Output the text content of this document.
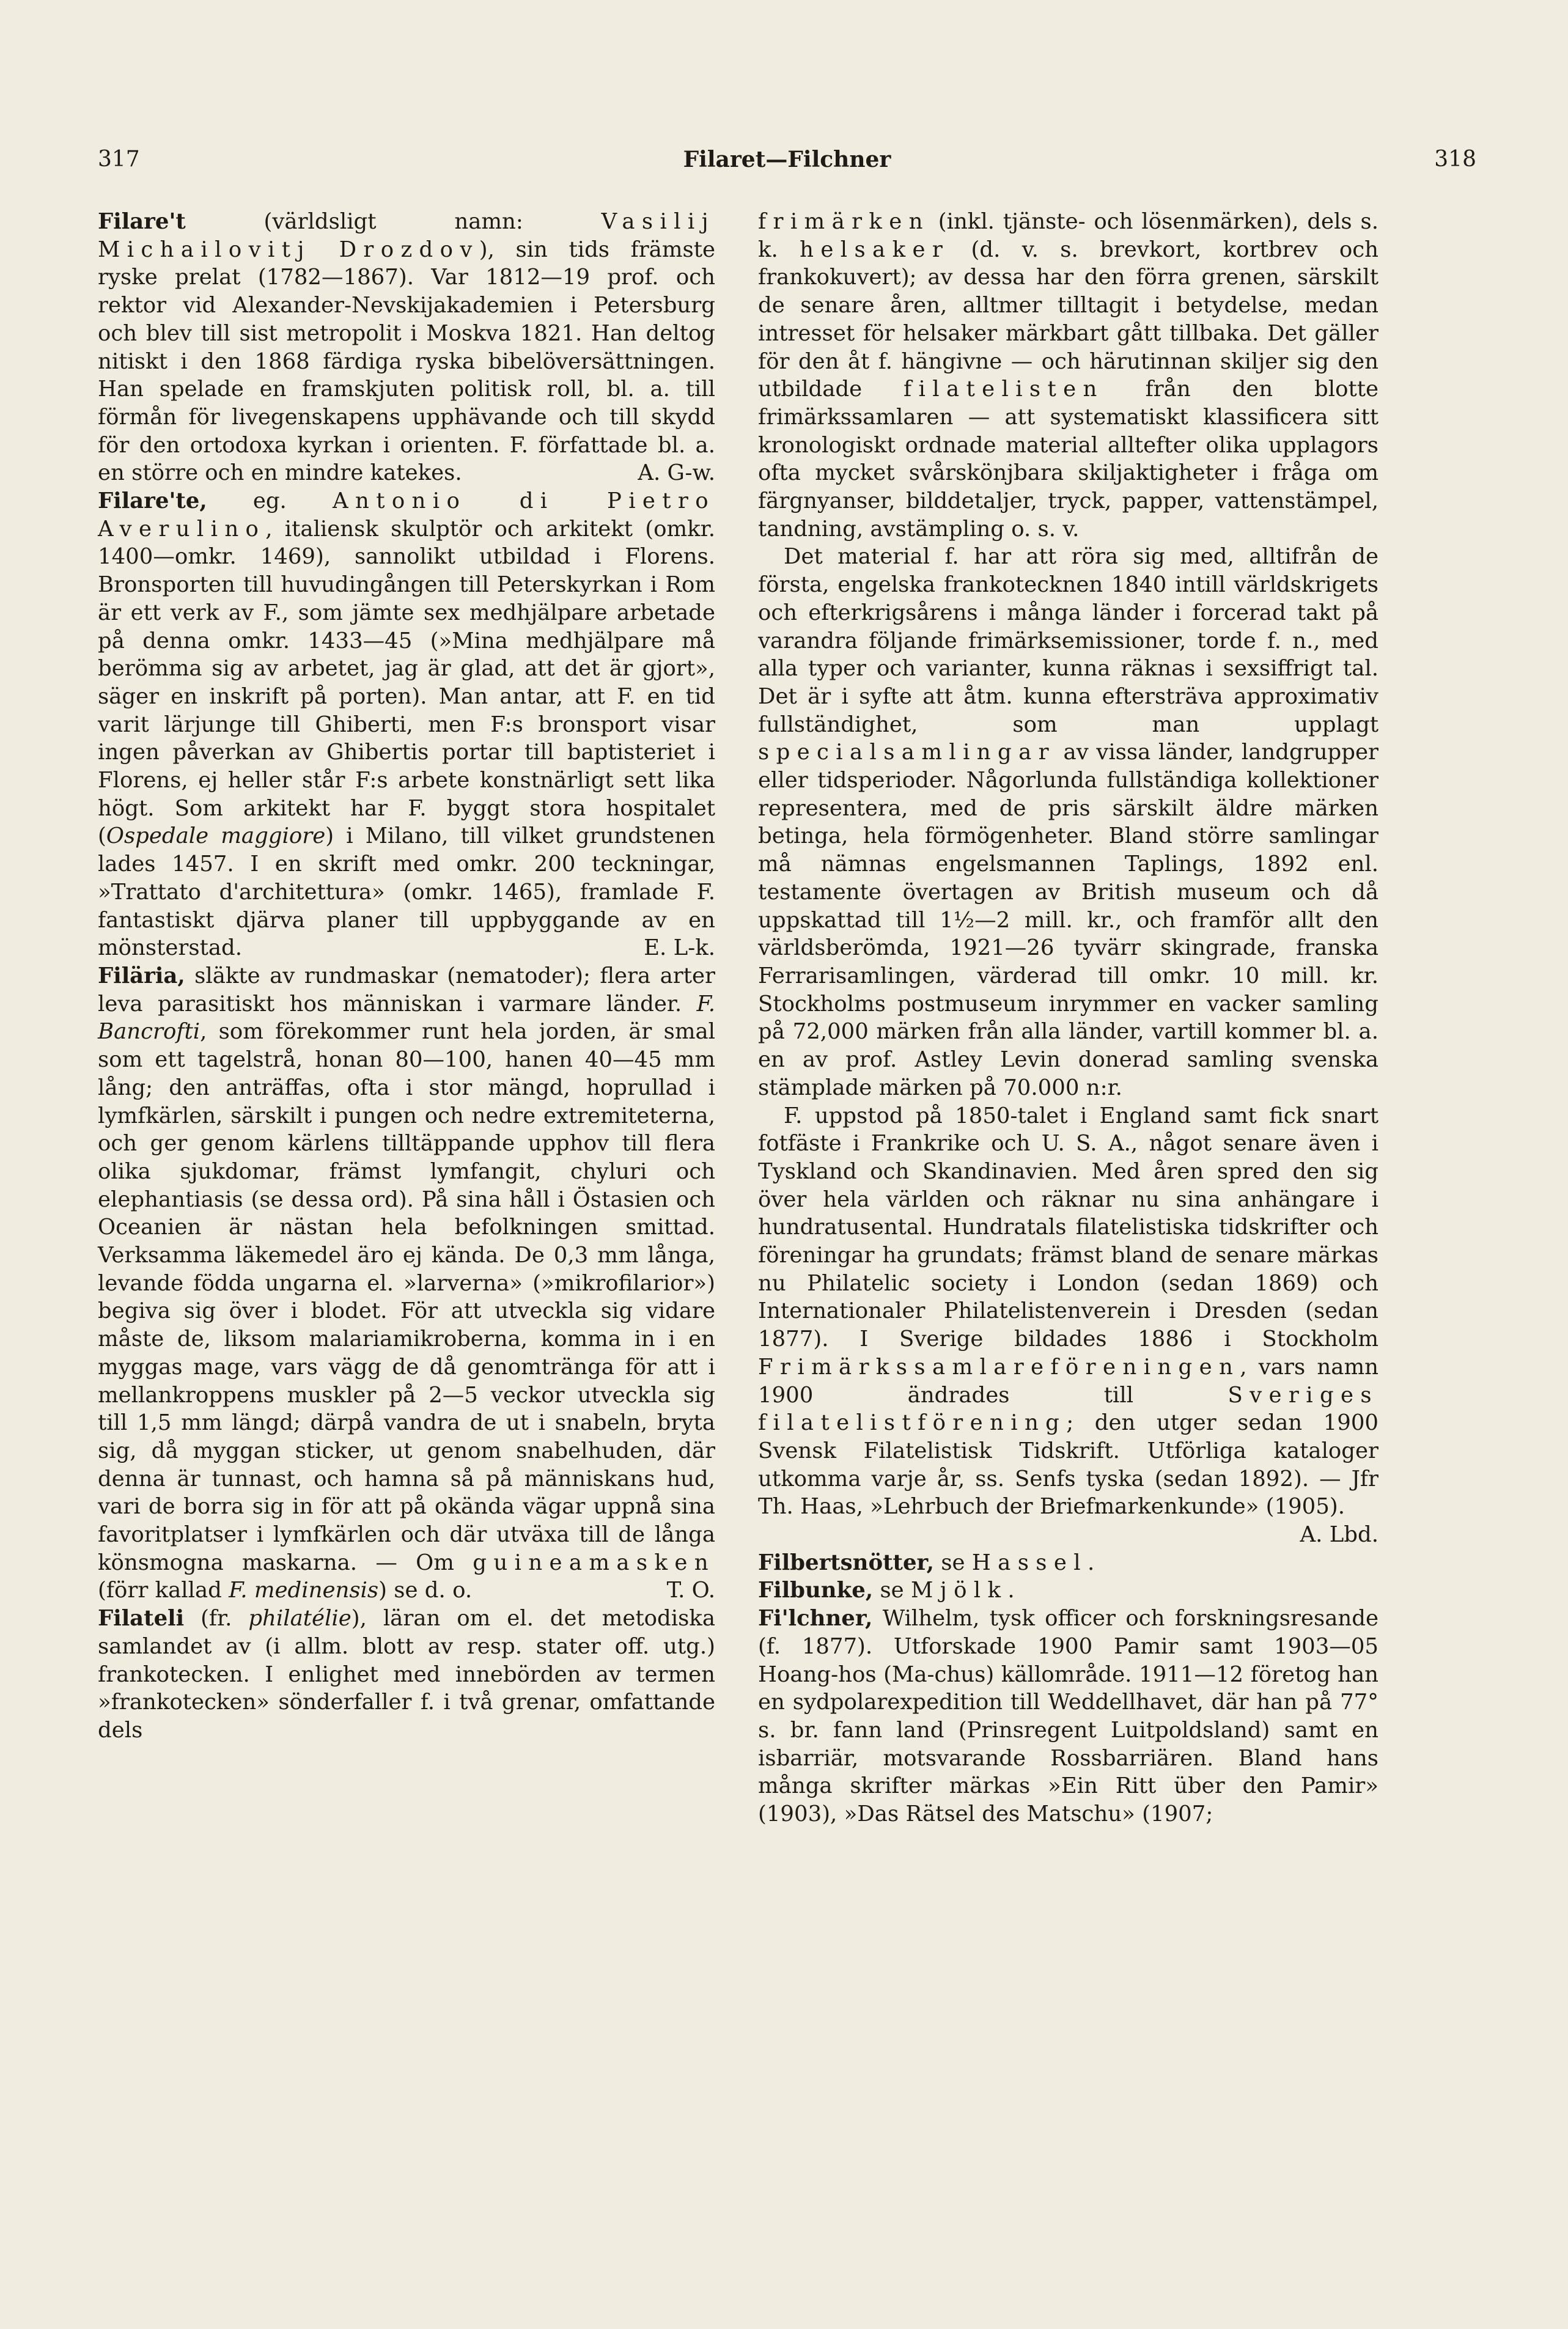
317	Filaret—Filchner	318

Filare't	(världsligt namn:	Vasilij Michailovitj Drozdov), sin tids främste ryske prelat (1782—1867). Var 1812—19 prof. och rektor vid Alexander-Nevskijakademien i Petersburg och blev till sist metropolit i Moskva 1821. Han deltog nitiskt i den 1868 färdiga ryska bibelöversättningen. Han spelade en framskjuten politisk roll, bl. a. till förmån för livegenskapens upphävande och till skydd för den ortodoxa kyrkan i orienten. F. författade bl. a. en större och en mindre katekes.	A. G-w.

Filare'te, eg. Antonio di Pietro Averulino, italiensk skulptör och arkitekt (omkr. 1400—omkr. 1469), sannolikt utbildad i Florens. Bronsporten till huvudingången till Peterskyrkan i Rom är ett verk av F., som jämte sex medhjälpare arbetade på denna omkr. 1433—45 (»Mina medhjälpare må berömma sig av arbetet, jag är glad, att det är gjort», säger en inskrift på porten). Man antar, att F. en tid varit lärjunge till Ghiberti, men F:s bronsport visar ingen påverkan av Ghibertis portar till baptisteriet i Florens, ej heller står F:s arbete konstnärligt sett lika högt. Som arkitekt har F. byggt stora hospitalet (Ospedale maggiore) i Milano, till vilket grundstenen lades 1457. I en skrift med omkr. 200 teckningar, »Trattato d'architettura» (omkr. 1465), framlade F. fantastiskt djärva planer till uppbyggande av en mönsterstad.	E. L-k.

Filäria, släkte av rundmaskar (nematoder); flera arter leva parasitiskt hos människan i varmare länder. F. Bancrofti, som förekommer runt hela jorden, är smal som ett tagelstrå, honan 80—100, hanen 40—45 mm lång; den anträffas, ofta i stor mängd, hoprullad i lymfkärlen, särskilt i pungen och nedre extremiteterna, och ger genom kärlens tilltäppande upphov till flera olika sjukdomar, främst lymfangit, chyluri och elephantiasis (se dessa ord). På sina håll i Östasien och Oceanien är nästan hela befolkningen smittad. Verksamma läkemedel äro ej kända. De 0,3 mm långa, levande födda ungarna el. »larverna» (»mikrofilarior») begiva sig över i blodet. För att utveckla sig vidare måste de, liksom malariamikroberna, komma in i en myggas mage, vars vägg de då genomtränga för att i mellankroppens muskler på 2—5 veckor utveckla sig till 1,5 mm längd; därpå vandra de ut i snabeln, bryta sig, då myggan sticker, ut genom snabelhuden, där denna är tunnast, och hamna så på människans hud, vari de borra sig in för att på okända vägar uppnå sina favoritplatser i lymfkärlen och där utväxa till de långa könsmogna maskarna. — Om guineamasken (förr kallad F. medinensis) se d. o.	T. O.

Filateli (fr. philatélie), läran om el. det metodiska samlandet av (i allm. blott av resp. stater off. utg.) frankotecken. I enlighet med innebörden av termen »frankotecken» sönderfaller f. i två grenar, omfattande dels

frimärken (inkl. tjänste- och lösenmärken), dels s. k. helsaker (d. v. s. brevkort, kortbrev och frankokuvert); av dessa har den förra grenen, särskilt de senare åren, alltmer tilltagit i betydelse, medan intresset för helsaker märkbart gått tillbaka. Det gäller för den åt f. hängivne — och härutinnan skiljer sig den utbildade filatelisten från den blotte frimärkssamlaren — att systematiskt klassificera sitt kronologiskt ordnade material alltefter olika upplagors ofta mycket svårskönjbara skiljaktigheter i fråga om färgnyanser, bilddetaljer, tryck, papper, vattenstämpel, tandning, avstämpling o. s. v.

Det material f. har att röra sig med, alltifrån de första, engelska frankotecknen 1840 intill världskrigets och efterkrigsårens i många länder i forcerad takt på varandra följande frimärksemissioner, torde f. n., med alla typer och varianter, kunna räknas i sexsiffrigt tal. Det är i syfte att åtm. kunna eftersträva approximativ fullständighet, som man upplagt specialsamlingar av vissa länder, landgrupper eller tidsperioder. Någorlunda fullständiga kollektioner representera, med de pris särskilt äldre märken betinga, hela förmögenheter. Bland större samlingar må nämnas engelsmannen Taplings, 1892 enl. testamente övertagen av British museum och då uppskattad till 1½—2 mill. kr., och framför allt den världsberömda, 1921—26 tyvärr skingrade, franska Ferrarisamlingen, värderad till omkr. 10 mill. kr. Stockholms postmuseum inrymmer en vacker samling på 72,000 märken från alla länder, vartill kommer bl. a. en av prof. Astley Levin donerad samling svenska stämplade märken på 70.000 n:r.

F. uppstod på 1850-talet i England samt fick snart fotfäste i Frankrike och U. S. A., något senare även i Tyskland och Skandinavien. Med åren spred den sig över hela världen och räknar nu sina anhängare i hundratusental. Hundratals filatelistiska tidskrifter och föreningar ha grundats; främst bland de senare märkas nu Philatelic society i London (sedan 1869) och Internationaler Philatelistenverein i Dresden (sedan 1877). I Sverige bildades 1886 i Stockholm Frimärkssamlareföreningen, vars namn 1900 ändrades till	Sveriges filatelistförening; den utger sedan 1900 Svensk Filatelistisk Tidskrift. Utförliga kataloger utkomma varje år, ss. Senfs tyska (sedan 1892). — Jfr Th. Haas, »Lehrbuch der Briefmarkenkunde» (1905).
A. Lbd.

Filbertsnötter, se Hassel.

Filbunke, se Mjölk.

Fi'lchner, Wilhelm, tysk officer och forskningsresande (f. 1877). Utforskade 1900 Pamir samt 1903—05 Hoang-hos (Ma-chus) källområde. 1911—12 företog han en sydpolarexpedition till Weddellhavet, där han på 77° s. br. fann land (Prinsregent Luitpoldsland) samt en isbarriär, motsvarande Rossbarriären. Bland hans många skrifter märkas »Ein Ritt über den Pamir» (1903), »Das Rätsel des Matschu» (1907;
